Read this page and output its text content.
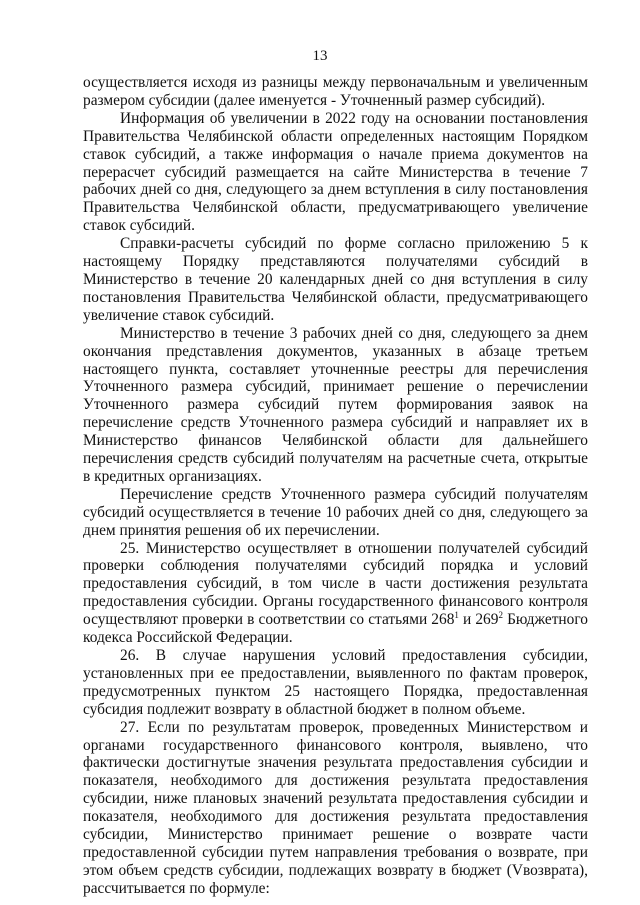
13

осуществляется исходя из разницы между первоначальным и увеличенным размером субсидии (далее именуется - Уточненный размер субсидий).

Информация об увеличении в 2022 году на основании постановления Правительства Челябинской области определенных настоящим Порядком ставок субсидий, а также информация о начале приема документов на перерасчет субсидий размещается на сайте Министерства в течение 7 рабочих дней со дня, следующего за днем вступления в силу постановления Правительства Челябинской области, предусматривающего увеличение ставок субсидий.

Справки-расчеты субсидий по форме согласно приложению 5 к настоящему Порядку представляются получателями субсидий в Министерство в течение 20 календарных дней со дня вступления в силу постановления Правительства Челябинской области, предусматривающего увеличение ставок субсидий.

Министерство в течение 3 рабочих дней со дня, следующего за днем окончания представления документов, указанных в абзаце третьем настоящего пункта, составляет уточненные реестры для перечисления Уточненного размера субсидий, принимает решение о перечислении Уточненного размера субсидий путем формирования заявок на перечисление средств Уточненного размера субсидий и направляет их в Министерство финансов Челябинской области для дальнейшего перечисления средств субсидий получателям на расчетные счета, открытые в кредитных организациях.

Перечисление средств Уточненного размера субсидий получателям субсидий осуществляется в течение 10 рабочих дней со дня, следующего за днем принятия решения об их перечислении.

25. Министерство осуществляет в отношении получателей субсидий проверки соблюдения получателями субсидий порядка и условий предоставления субсидий, в том числе в части достижения результата предоставления субсидии. Органы государственного финансового контроля осуществляют проверки в соответствии со статьями $268^1$ и $269^2$ Бюджетного кодекса Российской Федерации.

26. В случае нарушения условий предоставления субсидии, установленных при ее предоставлении, выявленного по фактам проверок, предусмотренных пунктом 25 настоящего Порядка, предоставленная субсидия подлежит возврату в областной бюджет в полном объеме.

27. Если по результатам проверок, проведенных Министерством и органами государственного финансового контроля, выявлено, что фактически достигнутые значения результата предоставления субсидии и показателя, необходимого для достижения результата предоставления субсидии, ниже плановых значений результата предоставления субсидии и показателя, необходимого для достижения результата предоставления субсидии, Министерство принимает решение о возврате части предоставленной субсидии путем направления требования о возврате, при этом объем средств субсидии, подлежащих возврату в бюджет (Vвозврата), рассчитывается по формуле:
